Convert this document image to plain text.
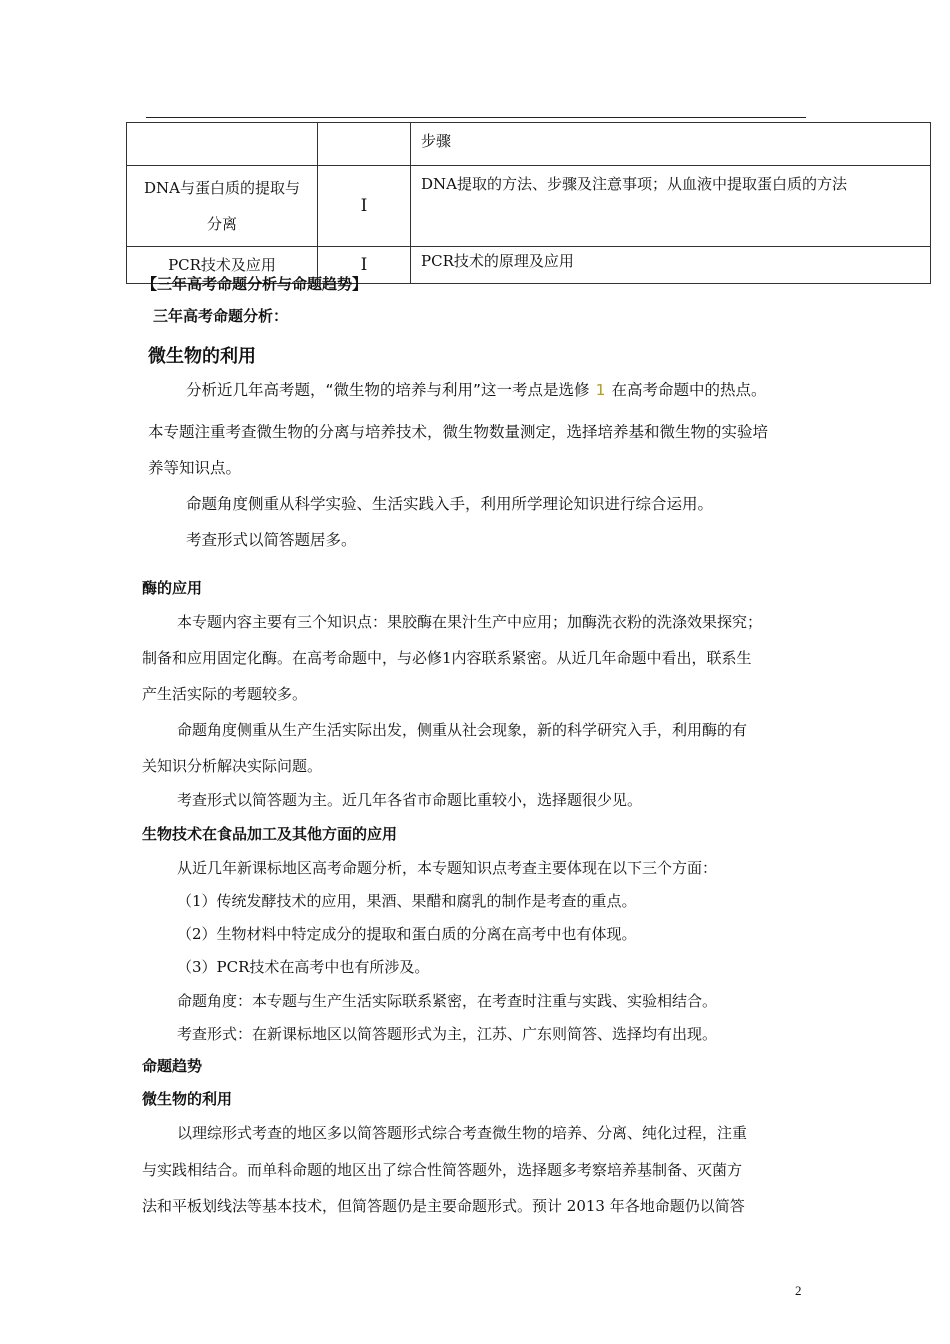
		步骤

DNA与蛋白质的提取与
分离	I	DNA提取的方法、步骤及注意事项；从血液中提取蛋白质的方法
PCR技术及应用	I	PCR技术的原理及应用
【三年高考命题分析与命题趋势】
三年高考命题分析：
微生物的利用
分析近几年高考题，“微生物的培养与利用”这一考点是选修 1 在高考命题中的热点。
本专题注重考查微生物的分离与培养技术，微生物数量测定，选择培养基和微生物的实验培
养等知识点。
命题角度侧重从科学实验、生活实践入手，利用所学理论知识进行综合运用。
考查形式以简答题居多。
酶的应用
本专题内容主要有三个知识点：果胶酶在果汁生产中应用；加酶洗衣粉的洗涤效果探究；
制备和应用固定化酶。在高考命题中，与必修1内容联系紧密。从近几年命题中看出，联系生
产生活实际的考题较多。
命题角度侧重从生产生活实际出发，侧重从社会现象，新的科学研究入手，利用酶的有
关知识分析解决实际问题。
考查形式以简答题为主。近几年各省市命题比重较小，选择题很少见。
生物技术在食品加工及其他方面的应用
从近几年新课标地区高考命题分析，本专题知识点考查主要体现在以下三个方面：
（1）传统发酵技术的应用，果酒、果醋和腐乳的制作是考查的重点。
（2）生物材料中特定成分的提取和蛋白质的分离在高考中也有体现。
（3）PCR技术在高考中也有所涉及。
命题角度：本专题与生产生活实际联系紧密，在考查时注重与实践、实验相结合。
考查形式：在新课标地区以简答题形式为主，江苏、广东则简答、选择均有出现。
命题趋势
微生物的利用
以理综形式考查的地区多以简答题形式综合考查微生物的培养、分离、纯化过程，注重
与实践相结合。而单科命题的地区出了综合性简答题外，选择题多考察培养基制备、灭菌方
法和平板划线法等基本技术，但简答题仍是主要命题形式。预计 2013 年各地命题仍以简答
2
